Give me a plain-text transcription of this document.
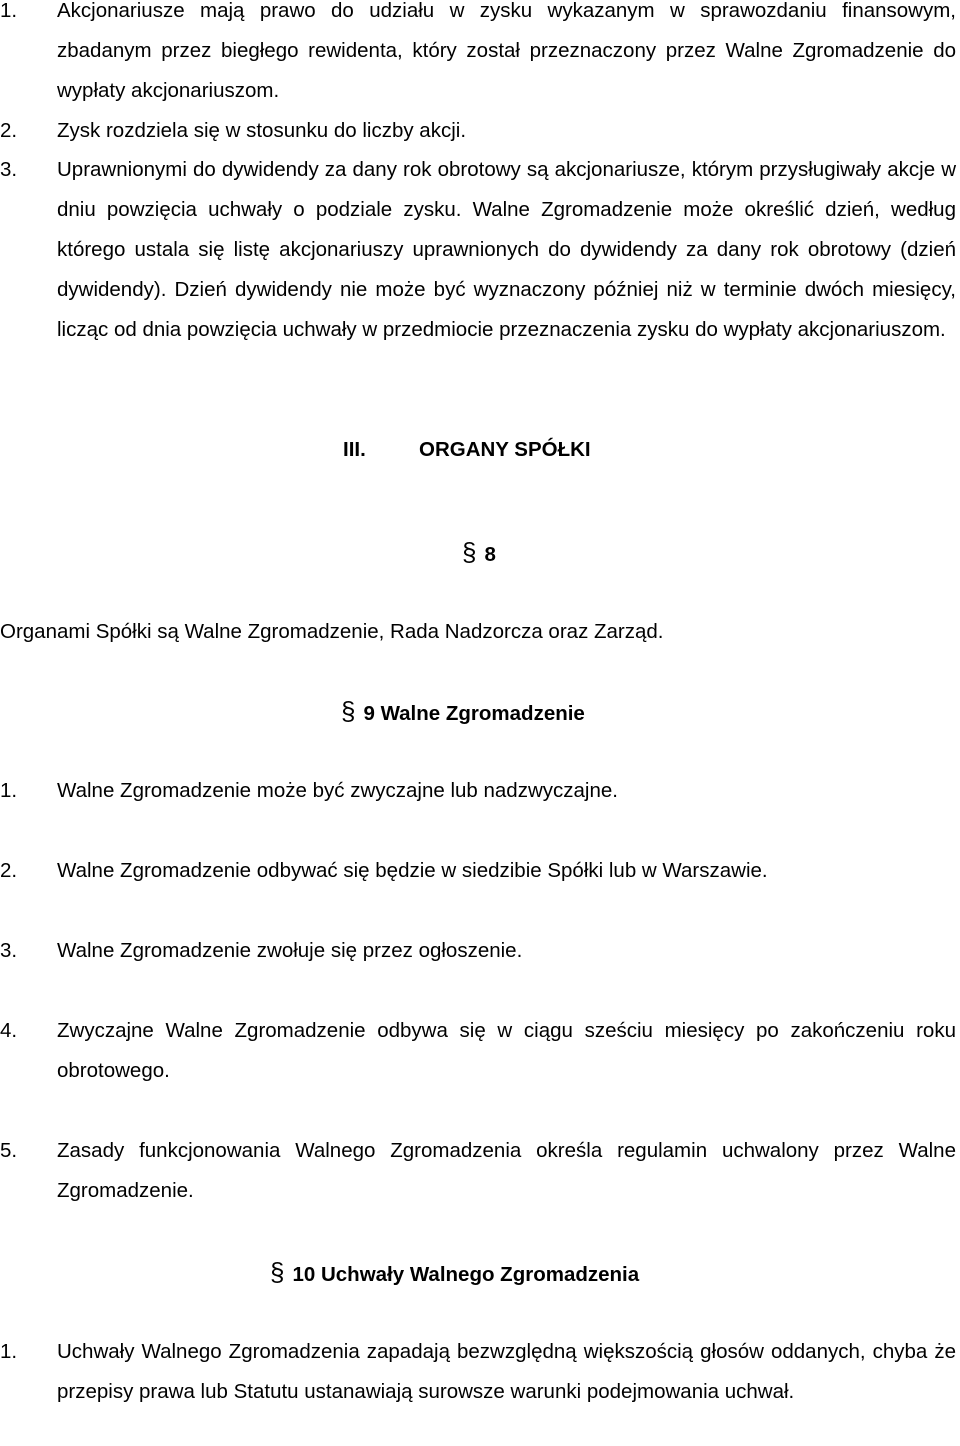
1. Akcjonariusze mają prawo do udziału w zysku wykazanym w sprawozdaniu finansowym, zbadanym przez biegłego rewidenta, który został przeznaczony przez Walne Zgromadzenie do wypłaty akcjonariuszom.
2. Zysk rozdziela się w stosunku do liczby akcji.
3. Uprawnionymi do dywidendy za dany rok obrotowy są akcjonariusze, którym przysługiwały akcje w dniu powzięcia uchwały o podziale zysku. Walne Zgromadzenie może określić dzień, według którego ustala się listę akcjonariuszy uprawnionych do dywidendy za dany rok obrotowy (dzień dywidendy). Dzień dywidendy nie może być wyznaczony później niż w terminie dwóch miesięcy, licząc od dnia powzięcia uchwały w przedmiocie przeznaczenia zysku do wypłaty akcjonariuszom.
III.	ORGANY SPÓŁKI
§ 8
Organami Spółki są Walne Zgromadzenie, Rada Nadzorcza oraz Zarząd.
§ 9 Walne Zgromadzenie
1. Walne Zgromadzenie może być zwyczajne lub nadzwyczajne.
2. Walne Zgromadzenie odbywać się będzie w siedzibie Spółki lub w Warszawie.
3. Walne Zgromadzenie zwołuje się przez ogłoszenie.
4. Zwyczajne Walne Zgromadzenie odbywa się w ciągu sześciu miesięcy po zakończeniu roku obrotowego.
5. Zasady funkcjonowania Walnego Zgromadzenia określa regulamin uchwalony przez Walne Zgromadzenie.
§ 10 Uchwały Walnego Zgromadzenia
1. Uchwały Walnego Zgromadzenia zapadają bezwzględną większością głosów oddanych, chyba że przepisy prawa lub Statutu ustanawiają surowsze warunki podejmowania uchwał.
